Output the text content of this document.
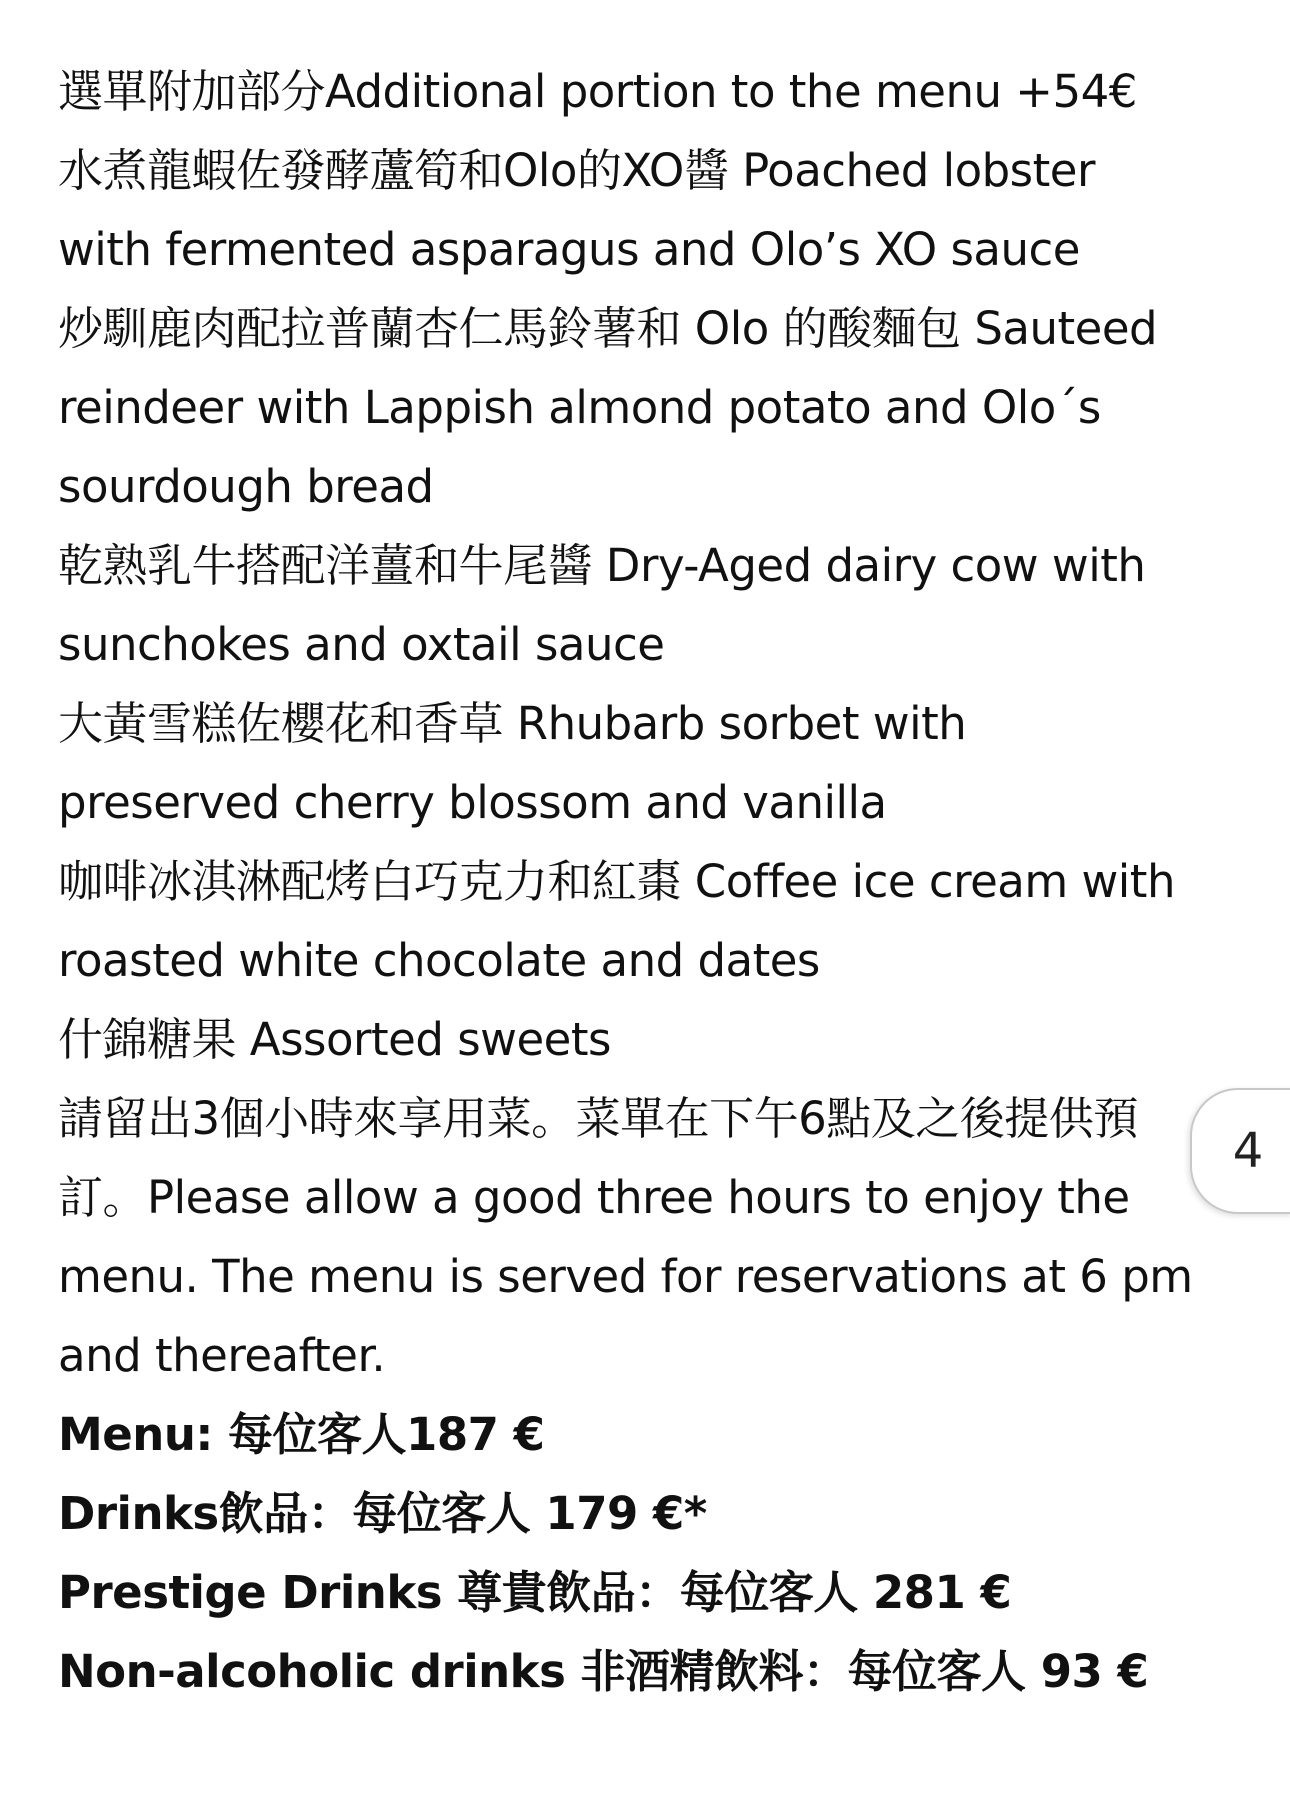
選單附加部分Additional portion to the menu +54€
水煮龍蝦佐發酵蘆筍和Olo的XO醬 Poached lobster
with fermented asparagus and Olo’s XO sauce
炒馴鹿肉配拉普蘭杏仁馬鈴薯和 Olo 的酸麵包 Sauteed
reindeer with Lappish almond potato and Olo´s
sourdough bread
乾熟乳牛搭配洋薑和牛尾醬 Dry-Aged dairy cow with
sunchokes and oxtail sauce
大黃雪糕佐櫻花和香草 Rhubarb sorbet with
preserved cherry blossom and vanilla
咖啡冰淇淋配烤白巧克力和紅棗 Coffee ice cream with
roasted white chocolate and dates
什錦糖果 Assorted sweets
請留出3個小時來享用菜。菜單在下午6點及之後提供預
訂。Please allow a good three hours to enjoy the
menu. The menu is served for reservations at 6 pm
and thereafter.
Menu: 每位客人187 €
Drinks飲品：每位客人 179 €*
Prestige Drinks 尊貴飲品：每位客人 281 €
Non-alcoholic drinks 非酒精飲料：每位客人 93 €
4
